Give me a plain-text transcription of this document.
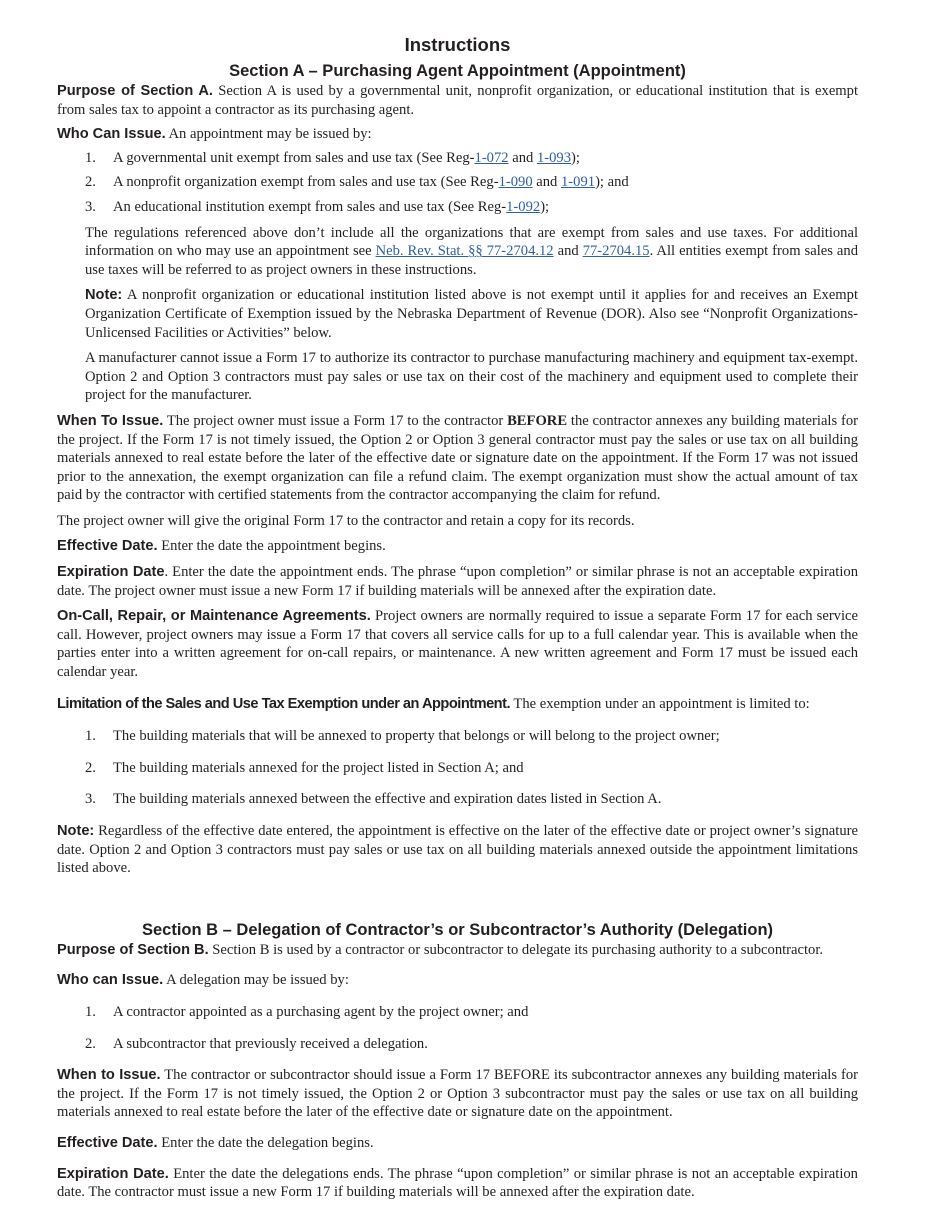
Instructions
Section A – Purchasing Agent Appointment (Appointment)

Purpose of Section A. Section A is used by a governmental unit, nonprofit organization, or educational institution that is exempt from sales tax to appoint a contractor as its purchasing agent.

Who Can Issue. An appointment may be issued by:

1. A governmental unit exempt from sales and use tax (See Reg-1-072 and 1-093);
2. A nonprofit organization exempt from sales and use tax (See Reg-1-090 and 1-091); and
3. An educational institution exempt from sales and use tax (See Reg-1-092);

The regulations referenced above don’t include all the organizations that are exempt from sales and use taxes. For additional information on who may use an appointment see Neb. Rev. Stat. §§ 77-2704.12 and 77-2704.15. All entities exempt from sales and use taxes will be referred to as project owners in these instructions.

Note: A nonprofit organization or educational institution listed above is not exempt until it applies for and receives an Exempt Organization Certificate of Exemption issued by the Nebraska Department of Revenue (DOR). Also see “Nonprofit Organizations- Unlicensed Facilities or Activities” below.

A manufacturer cannot issue a Form 17 to authorize its contractor to purchase manufacturing machinery and equipment tax-exempt. Option 2 and Option 3 contractors must pay sales or use tax on their cost of the machinery and equipment used to complete their project for the manufacturer.

When To Issue. The project owner must issue a Form 17 to the contractor BEFORE the contractor annexes any building materials for the project. If the Form 17 is not timely issued, the Option 2 or Option 3 general contractor must pay the sales or use tax on all building materials annexed to real estate before the later of the effective date or signature date on the appointment. If the Form 17 was not issued prior to the annexation, the exempt organization can file a refund claim. The exempt organization must show the actual amount of tax paid by the contractor with certified statements from the contractor accompanying the claim for refund.

The project owner will give the original Form 17 to the contractor and retain a copy for its records.

Effective Date. Enter the date the appointment begins.

Expiration Date. Enter the date the appointment ends. The phrase “upon completion” or similar phrase is not an acceptable expiration date. The project owner must issue a new Form 17 if building materials will be annexed after the expiration date.

On-Call, Repair, or Maintenance Agreements. Project owners are normally required to issue a separate Form 17 for each service call. However, project owners may issue a Form 17 that covers all service calls for up to a full calendar year. This is available when the parties enter into a written agreement for on-call repairs, or maintenance. A new written agreement and Form 17 must be issued each calendar year.

Limitation of the Sales and Use Tax Exemption under an Appointment. The exemption under an appointment is limited to:

1. The building materials that will be annexed to property that belongs or will belong to the project owner;
2. The building materials annexed for the project listed in Section A; and
3. The building materials annexed between the effective and expiration dates listed in Section A.

Note: Regardless of the effective date entered, the appointment is effective on the later of the effective date or project owner’s signature date. Option 2 and Option 3 contractors must pay sales or use tax on all building materials annexed outside the appointment limitations listed above.

Section B – Delegation of Contractor’s or Subcontractor’s Authority (Delegation)

Purpose of Section B. Section B is used by a contractor or subcontractor to delegate its purchasing authority to a subcontractor.

Who can Issue. A delegation may be issued by:

1. A contractor appointed as a purchasing agent by the project owner; and
2. A subcontractor that previously received a delegation.

When to Issue. The contractor or subcontractor should issue a Form 17 BEFORE its subcontractor annexes any building materials for the project. If the Form 17 is not timely issued, the Option 2 or Option 3 subcontractor must pay the sales or use tax on all building materials annexed to real estate before the later of the effective date or signature date on the appointment.

Effective Date. Enter the date the delegation begins.

Expiration Date. Enter the date the delegations ends. The phrase “upon completion” or similar phrase is not an acceptable expiration date. The contractor must issue a new Form 17 if building materials will be annexed after the expiration date.
